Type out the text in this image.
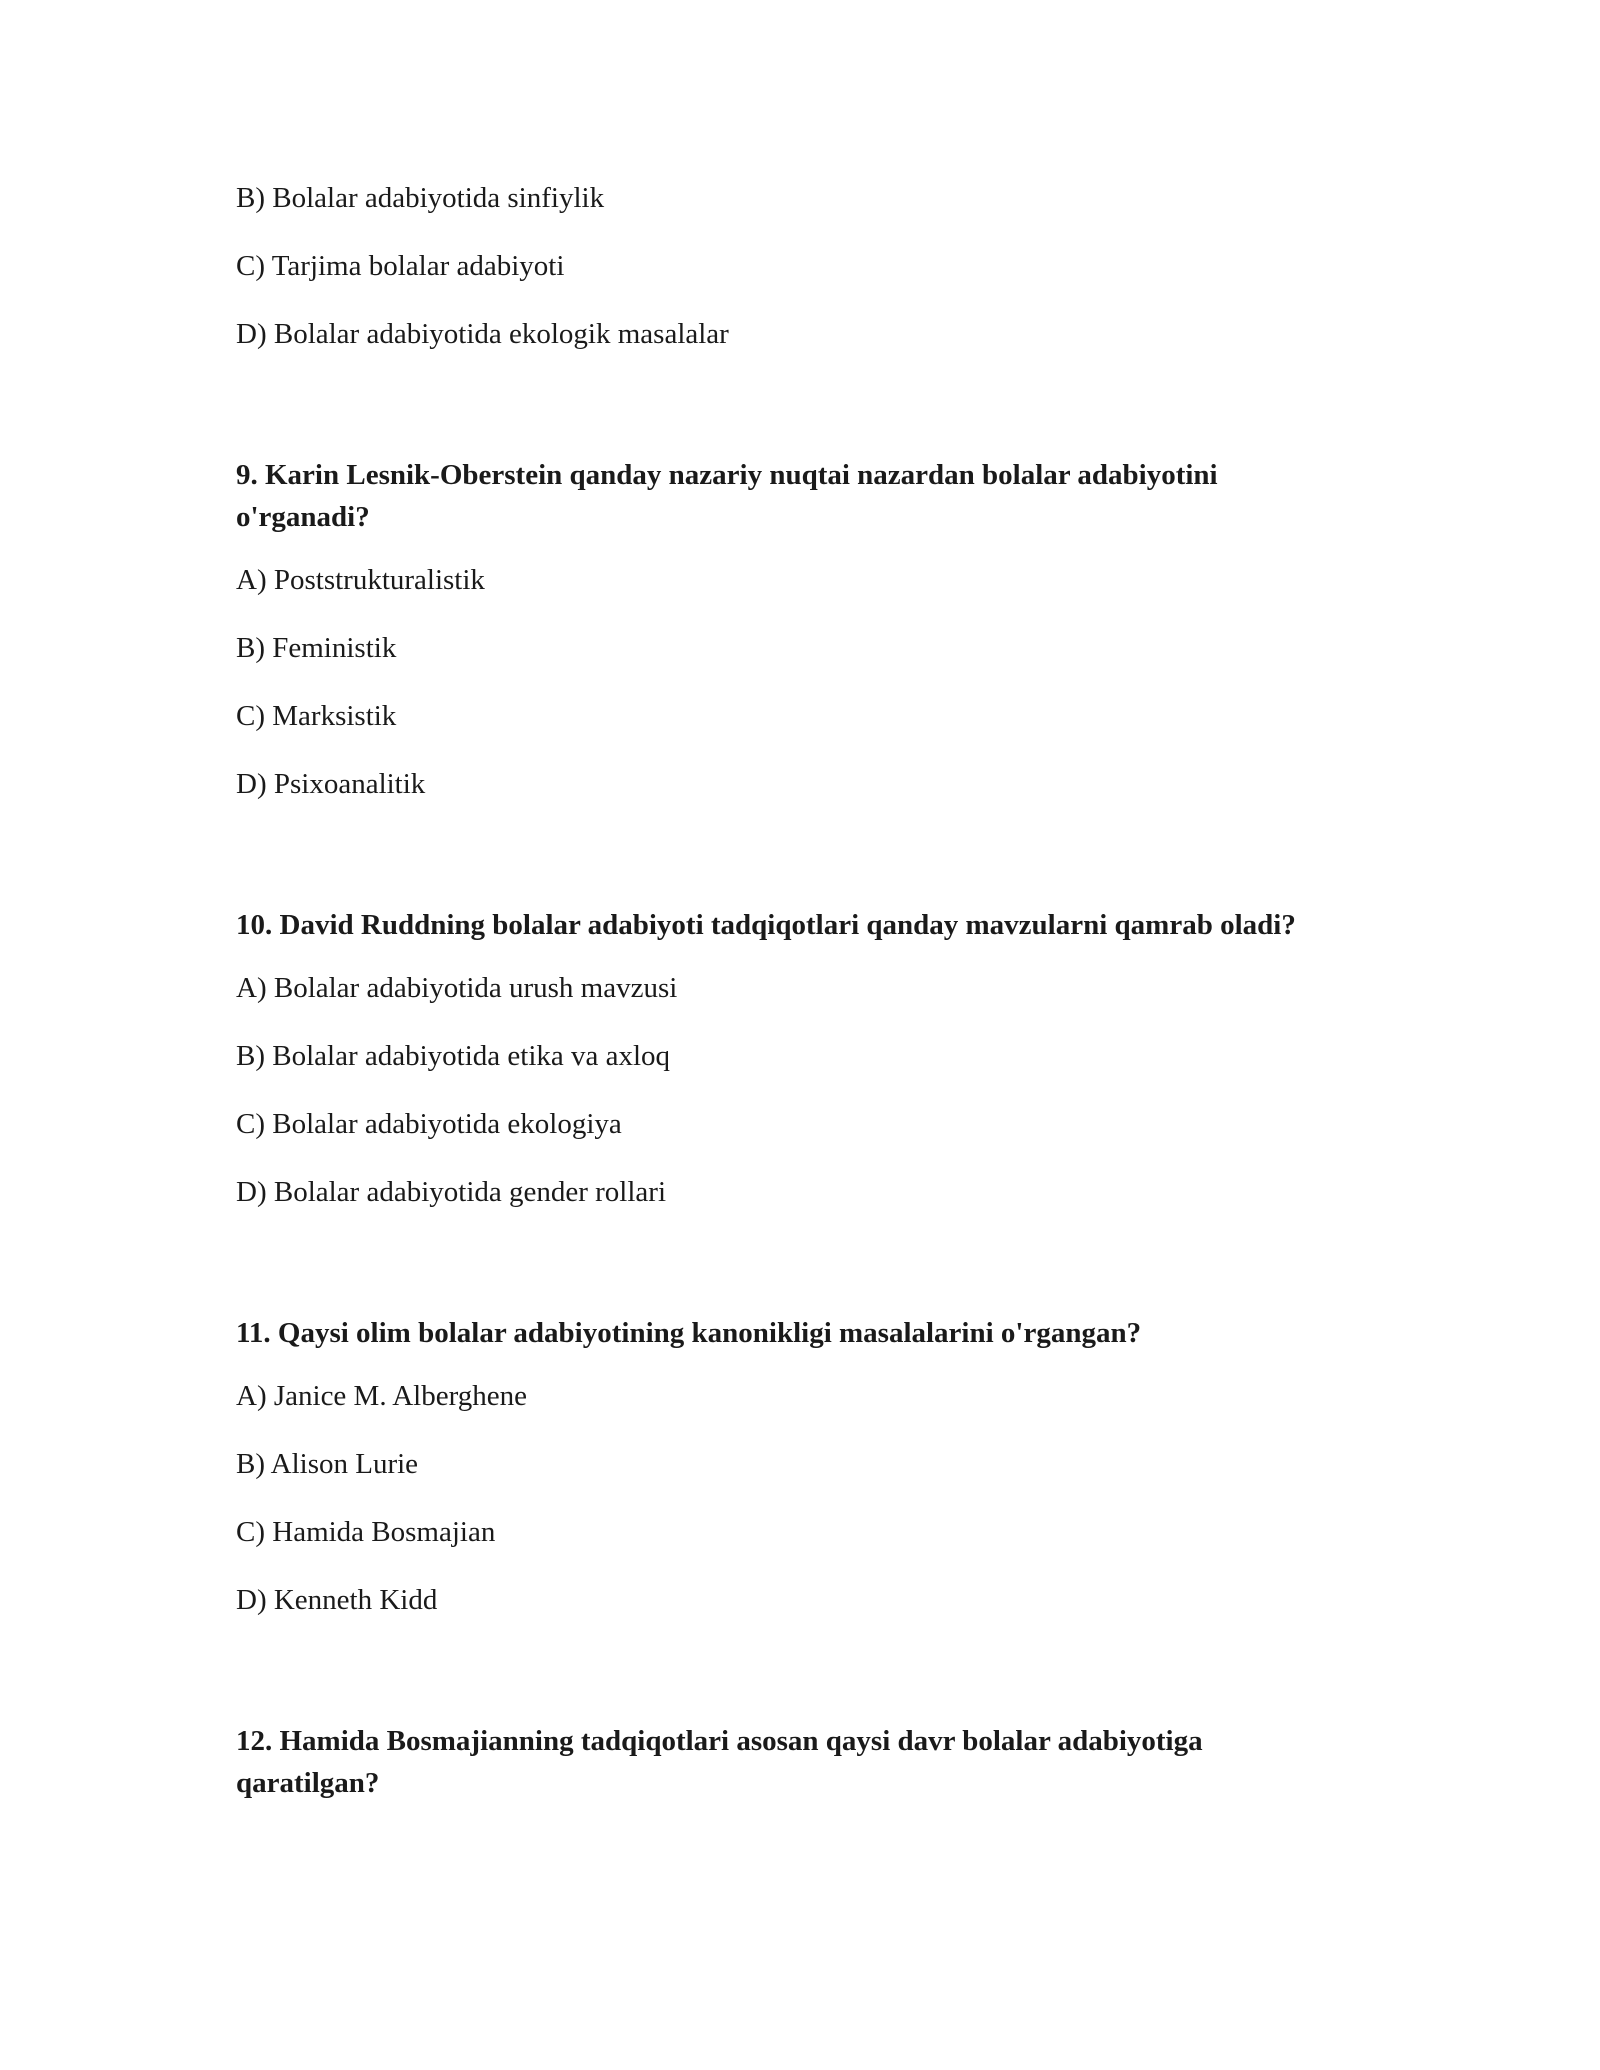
B) Bolalar adabiyotida sinfiylik

C) Tarjima bolalar adabiyoti

D) Bolalar adabiyotida ekologik masalalar

9. Karin Lesnik-Oberstein qanday nazariy nuqtai nazardan bolalar adabiyotini o'rganadi?

A) Poststrukturalistik

B) Feministik

C) Marksistik

D) Psixoanalitik

10. David Ruddning bolalar adabiyoti tadqiqotlari qanday mavzularni qamrab oladi?

A) Bolalar adabiyotida urush mavzusi

B) Bolalar adabiyotida etika va axloq

C) Bolalar adabiyotida ekologiya

D) Bolalar adabiyotida gender rollari

11. Qaysi olim bolalar adabiyotining kanonikligi masalalarini o'rgangan?

A) Janice M. Alberghene

B) Alison Lurie

C) Hamida Bosmajian

D) Kenneth Kidd

12. Hamida Bosmajianning tadqiqotlari asosan qaysi davr bolalar adabiyotiga qaratilgan?
